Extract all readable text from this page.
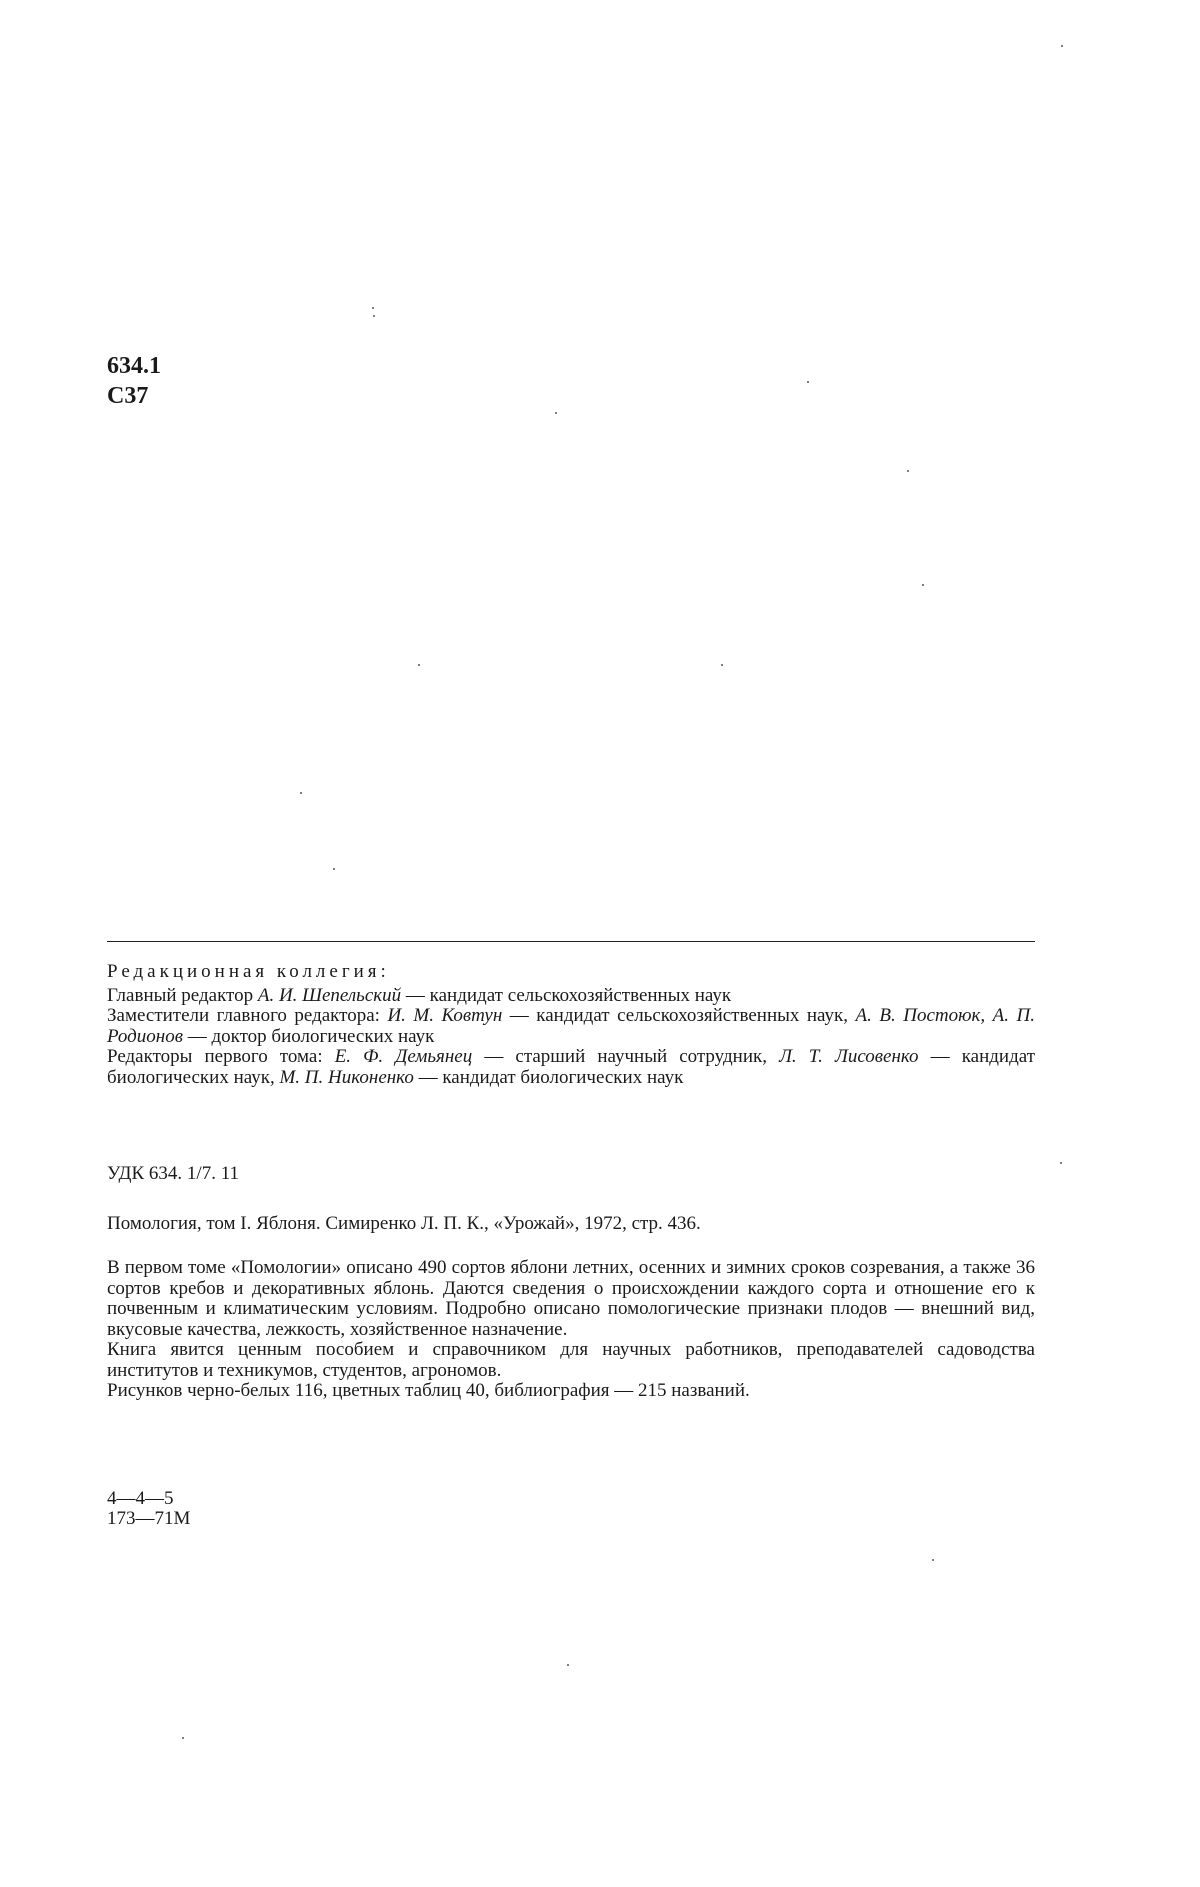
634.1
С37

Редакционная коллегия:

Главный редактор А. И. Шепельский — кандидат сельскохозяйственных наук

Заместители главного редактора: И. М. Ковтун — кандидат сельскохозяйственных наук, А. В. Постоюк, А. П. Родионов — доктор биологических наук

Редакторы первого тома: Е. Ф. Демьянец — старший научный сотрудник, Л. Т. Лисовенко — кандидат биологических наук, М. П. Никоненко — кандидат биологических наук

УДК 634. 1/7. 11
Помология, том I. Яблоня. Симиренко Л. П. К., «Урожай», 1972, стр. 436.

В первом томе «Помологии» описано 490 сортов яблони летних, осенних и зимних сроков созревания, а также 36 сортов кребов и декоративных яблонь. Даются сведения о происхождении каждого сорта и отношение его к почвенным и климатическим условиям. Подробно описано помологические признаки плодов — внешний вид, вкусовые качества, лежкость, хозяйственное назначение.

Книга явится ценным пособием и справочником для научных работников, преподавателей садоводства институтов и техникумов, студентов, агрономов.

Рисунков черно-белых 116, цветных таблиц 40, библиография — 215 названий.

4—4—5
173—71М
